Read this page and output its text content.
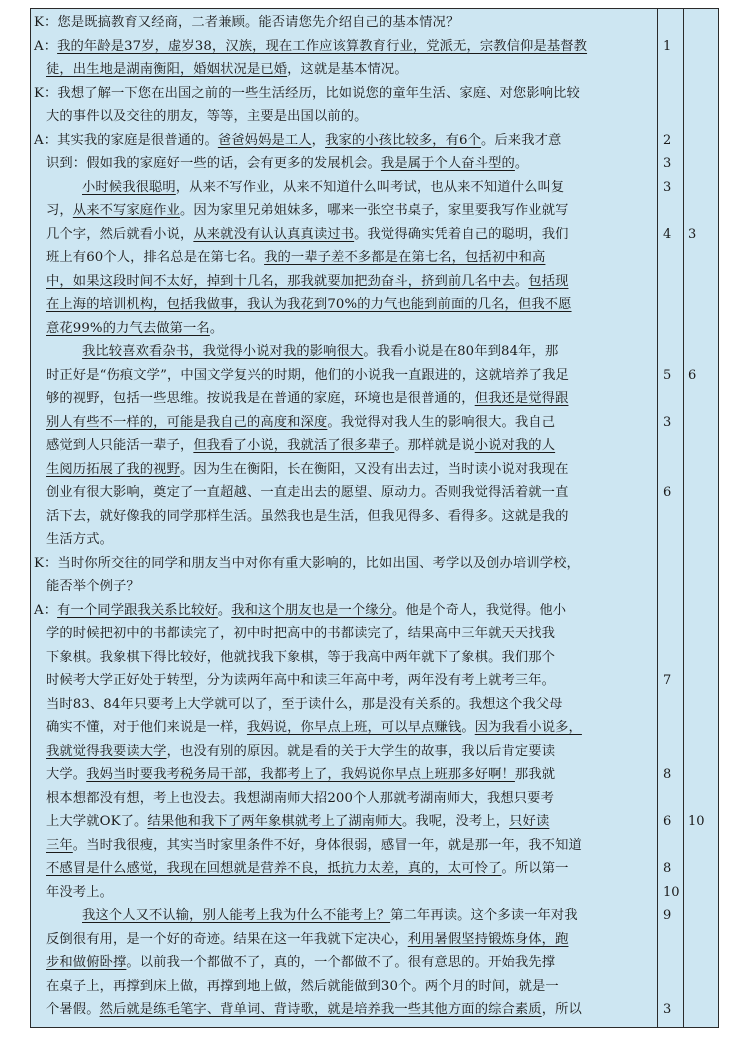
K：您是既搞教育又经商，二者兼顾。能否请您先介绍自己的基本情况？
A：我的年龄是37岁，虚岁38，汉族，现在工作应该算教育行业，党派无，宗教信仰是基督教
徒，出生地是湖南衡阳，婚姻状况是已婚，这就是基本情况。
K：我想了解一下您在出国之前的一些生活经历，比如说您的童年生活、家庭、对您影响比较
大的事件以及交往的朋友，等等，主要是出国以前的。
A：其实我的家庭是很普通的。爸爸妈妈是工人，我家的小孩比较多，有6个。后来我才意
识到：假如我的家庭好一些的话，会有更多的发展机会。我是属于个人奋斗型的。
小时候我很聪明，从来不写作业，从来不知道什么叫考试，也从来不知道什么叫复
习，从来不写家庭作业。因为家里兄弟姐妹多，哪来一张空书桌子，家里要我写作业就写
几个字，然后就看小说，从来就没有认认真真读过书。我觉得确实凭着自己的聪明，我们
班上有60个人，排名总是在第七名。我的一辈子差不多都是在第七名，包括初中和高
中，如果这段时间不太好，掉到十几名，那我就要加把劲奋斗，挤到前几名中去。包括现
在上海的培训机构，包括我做事，我认为我花到70%的力气也能到前面的几名，但我不愿
意花99%的力气去做第一名。
我比较喜欢看杂书，我觉得小说对我的影响很大。我看小说是在80年到84年，那
时正好是“伤痕文学”，中国文学复兴的时期，他们的小说我一直跟进的，这就培养了我足
够的视野，包括一些思维。按说我是在普通的家庭，环境也是很普通的，但我还是觉得跟
别人有些不一样的，可能是我自己的高度和深度。我觉得对我人生的影响很大。我自己
感觉到人只能活一辈子，但我看了小说，我就活了很多辈子。那样就是说小说对我的人
生阅历拓展了我的视野。因为生在衡阳，长在衡阳，又没有出去过，当时读小说对我现在
创业有很大影响，奠定了一直超越、一直走出去的愿望、原动力。否则我觉得活着就一直
活下去，就好像我的同学那样生活。虽然我也是生活，但我见得多、看得多。这就是我的
生活方式。
K：当时你所交往的同学和朋友当中对你有重大影响的，比如出国、考学以及创办培训学校，
能否举个例子？
A：有一个同学跟我关系比较好。我和这个朋友也是一个缘分。他是个奇人，我觉得。他小
学的时候把初中的书都读完了，初中时把高中的书都读完了，结果高中三年就天天找我
下象棋。我象棋下得比较好，他就找我下象棋，等于我高中两年就下了象棋。我们那个
时候考大学正好处于转型，分为读两年高中和读三年高中考，两年没有考上就考三年。
当时83、84年只要考上大学就可以了，至于读什么，那是没有关系的。我想这个我父母
确实不懂，对于他们来说是一样，我妈说，你早点上班，可以早点赚钱。因为我看小说多，
我就觉得我要读大学，也没有别的原因。就是看的关于大学生的故事，我以后肯定要读
大学。我妈当时要我考税务局干部，我都考上了，我妈说你早点上班那多好啊！那我就
根本想都没有想，考上也没去。我想湖南师大招200个人那就考湖南师大，我想只要考
上大学就OK了。结果他和我下了两年象棋就考上了湖南师大。我呢，没考上，只好读
三年。当时我很瘦，其实当时家里条件不好，身体很弱，感冒一年，就是那一年，我不知道
不感冒是什么感觉，我现在回想就是营养不良，抵抗力太差，真的，太可怜了。所以第一
年没考上。
我这个人又不认输，别人能考上我为什么不能考上？第二年再读。这个多读一年对我
反倒很有用，是一个好的奇迹。结果在这一年我就下定决心，利用暑假坚持锻炼身体，跑
步和做俯卧撑。以前我一个都做不了，真的，一个都做不了。很有意思的。开始我先撑
在桌子上，再撑到床上做，再撑到地上做，然后就能做到30个。两个月的时间，就是一
个暑假。然后就是练毛笔字、背单词、背诗歌，就是培养我一些其他方面的综合素质，所以
1
2
3
3
4	3
5	6
3
6
7
8
6	10
8
10
9
3
